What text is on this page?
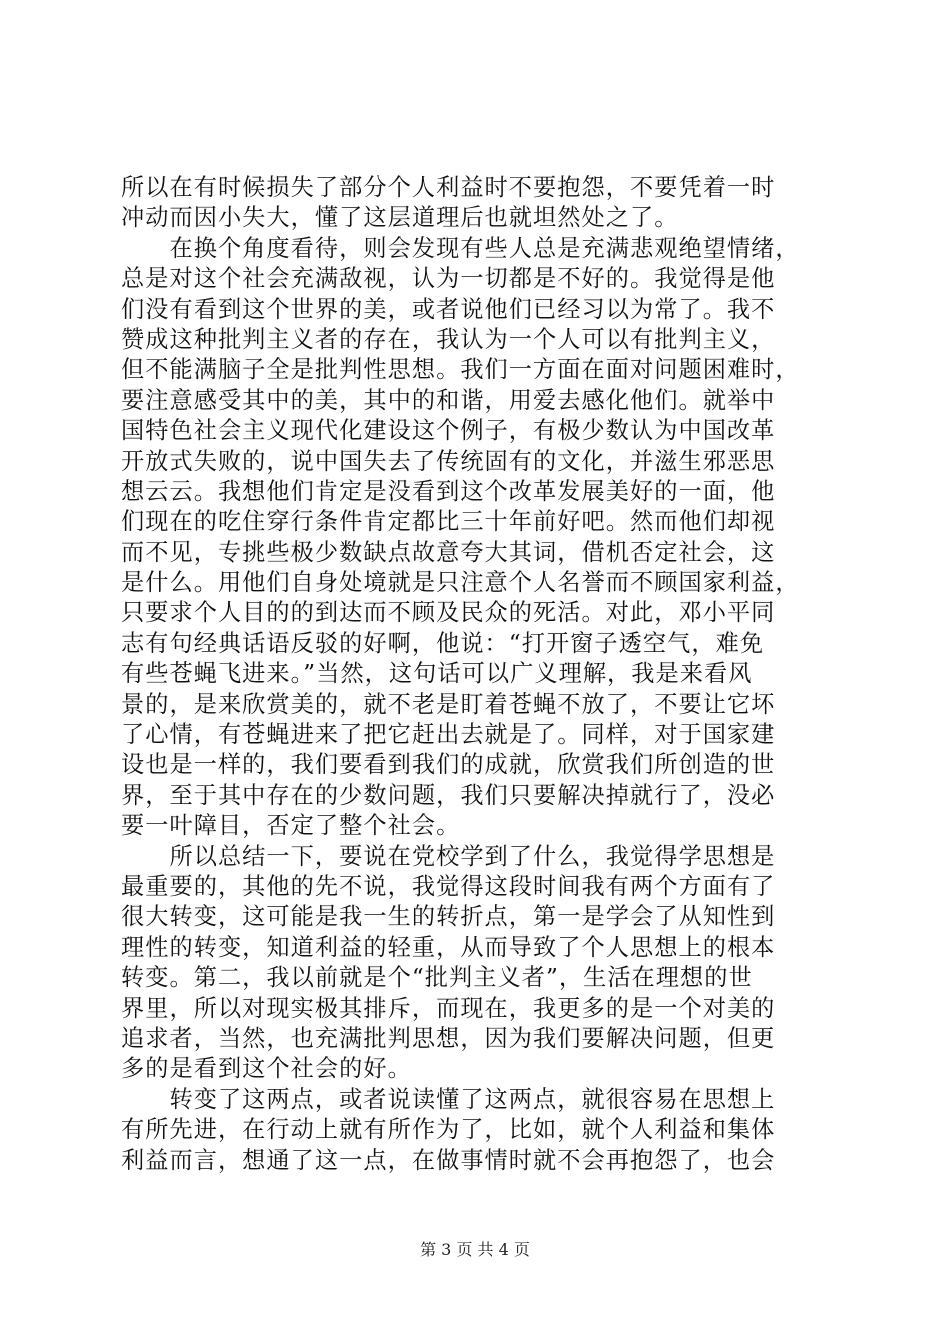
所以在有时候损失了部分个人利益时不要抱怨，不要凭着一时
冲动而因小失大，懂了这层道理后也就坦然处之了。
　　在换个角度看待，则会发现有些人总是充满悲观绝望情绪，
总是对这个社会充满敌视，认为一切都是不好的。我觉得是他
们没有看到这个世界的美，或者说他们已经习以为常了。我不
赞成这种批判主义者的存在，我认为一个人可以有批判主义，
但不能满脑子全是批判性思想。我们一方面在面对问题困难时，
要注意感受其中的美，其中的和谐，用爱去感化他们。就举中
国特色社会主义现代化建设这个例子，有极少数认为中国改革
开放式失败的，说中国失去了传统固有的文化，并滋生邪恶思
想云云。我想他们肯定是没看到这个改革发展美好的一面，他
们现在的吃住穿行条件肯定都比三十年前好吧。然而他们却视
而不见，专挑些极少数缺点故意夸大其词，借机否定社会，这
是什么。用他们自身处境就是只注意个人名誉而不顾国家利益，
只要求个人目的的到达而不顾及民众的死活。对此，邓小平同
志有句经典话语反驳的好啊，他说：“打开窗子透空气，难免
有些苍蝇飞进来。”当然，这句话可以广义理解，我是来看风
景的，是来欣赏美的，就不老是盯着苍蝇不放了，不要让它坏
了心情，有苍蝇进来了把它赶出去就是了。同样，对于国家建
设也是一样的，我们要看到我们的成就，欣赏我们所创造的世
界，至于其中存在的少数问题，我们只要解决掉就行了，没必
要一叶障目，否定了整个社会。
　　所以总结一下，要说在党校学到了什么，我觉得学思想是
最重要的，其他的先不说，我觉得这段时间我有两个方面有了
很大转变，这可能是我一生的转折点，第一是学会了从知性到
理性的转变，知道利益的轻重，从而导致了个人思想上的根本
转变。第二，我以前就是个“批判主义者”，生活在理想的世
界里，所以对现实极其排斥，而现在，我更多的是一个对美的
追求者，当然，也充满批判思想，因为我们要解决问题，但更
多的是看到这个社会的好。
　　转变了这两点，或者说读懂了这两点，就很容易在思想上
有所先进，在行动上就有所作为了，比如，就个人利益和集体
利益而言，想通了这一点，在做事情时就不会再抱怨了，也会
第 3 页 共 4 页
